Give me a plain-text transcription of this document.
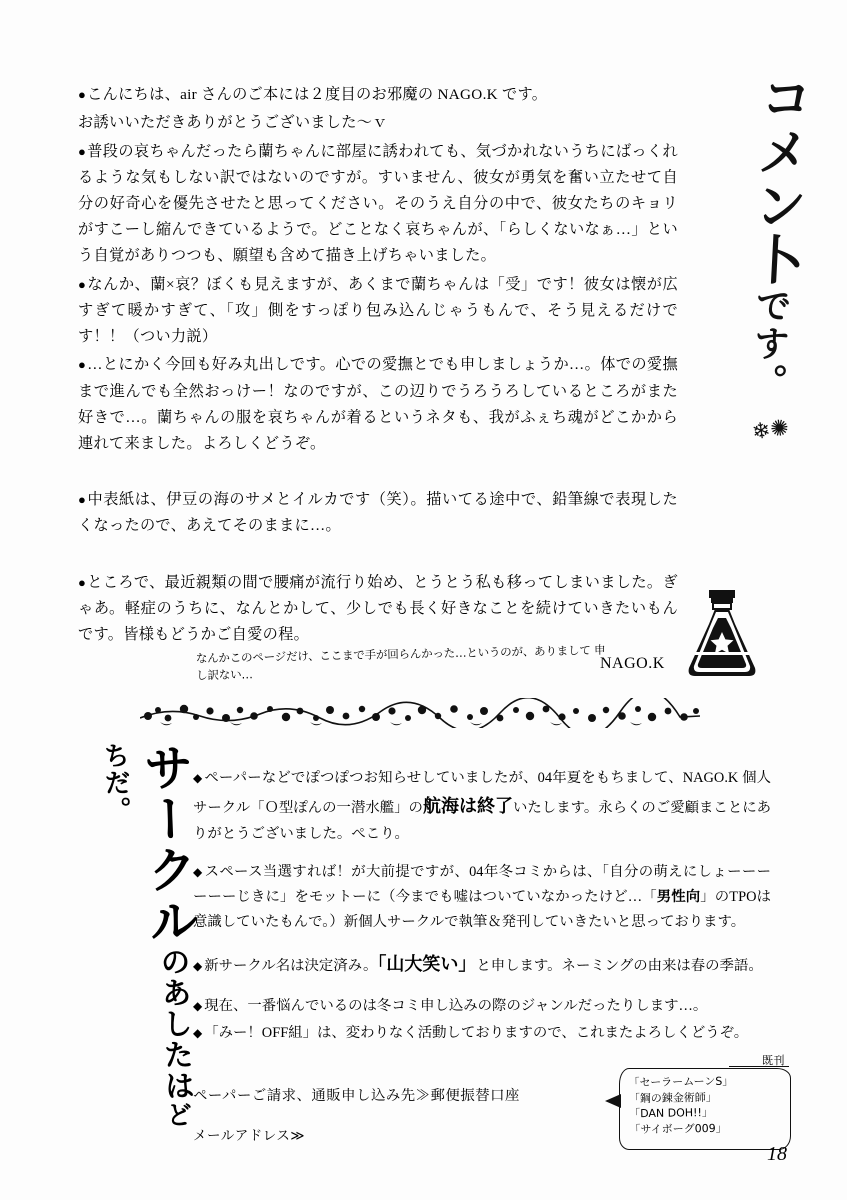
コメン卜です。
❄✺

● こんにちは、air さんのご本には２度目のお邪魔の NAGO.K です。

お誘いいただきありがとうございました〜ｖ

● 普段の哀ちゃんだったら蘭ちゃんに部屋に誘われても、気づかれないうちにばっくれるような気もしない訳ではないのですが。すいません、彼女が勇気を奮い立たせて自分の好奇心を優先させたと思ってください。そのうえ自分の中で、彼女たちのキョリがすこーし縮んできているようで。どことなく哀ちゃんが、「らしくないなぁ…」という自覚がありつつも、願望も含めて描き上げちゃいました。

● なんか、蘭×哀？ぼくも見えますが、あくまで蘭ちゃんは「受」です！彼女は懐が広すぎて暖かすぎて、「攻」側をすっぽり包み込んじゃうもんで、そう見えるだけです！！（つい力説）

● …とにかく今回も好み丸出しです。心での愛撫とでも申しましょうか…。体での愛撫まで進んでも全然おっけー！なのですが、この辺りでうろうろしているところがまた好きで…。蘭ちゃんの服を哀ちゃんが着るというネタも、我がふぇち魂がどこかから連れて来ました。よろしくどうぞ。

● 中表紙は、伊豆の海のサメとイルカです（笑）。描いてる途中で、鉛筆線で表現したくなったので、あえてそのままに…。

● ところで、最近親類の間で腰痛が流行り始め、とうとう私も移ってしまいました。ぎゃあ。軽症のうちに、なんとかして、少しでも長く好きなことを続けていきたいもんです。皆様もどうかご自愛の程。

なんかこのページだけ、ここまで手が回らんかった…というのが、ありまして 申し訳ない…
NAGO.K
サークルのあしたはどちだ。 ◆	ペーパーなどでぽつぽつお知らせしていましたが、04年夏をもちまして、NAGO.K 個人サークル「Ｏ型ぽんの一潜水艦」の航海は終了いたします。永らくのご愛顧まことにありがとうございました。ぺこり。

◆ スペース当選すれば！が大前提ですが、04年冬コミからは、「自分の萌えにしょーーーーーーじきに」をモットーに（今までも嘘はついていなかったけど…「男性向」のTPOは意識していたもんで。）新個人サークルで執筆＆発刊していきたいと思っております。

◆ 新サークル名は決定済み。「山大笑い」と申します。ネーミングの由来は春の季語。

◆ 現在、一番悩んでいるのは冬コミ申し込みの際のジャンルだったりします…。

◆ 「みー！OFF組」は、変わりなく活動しておりますので、これまたよろしくどうぞ。

ペーパーご請求、通販申し込み先≫郵便振替口座
メールアドレス≫
既刊
「セーラームーンS」
「鋼の錬金術師」
「DAN DOH!!」
「サイボーグ009」
18
